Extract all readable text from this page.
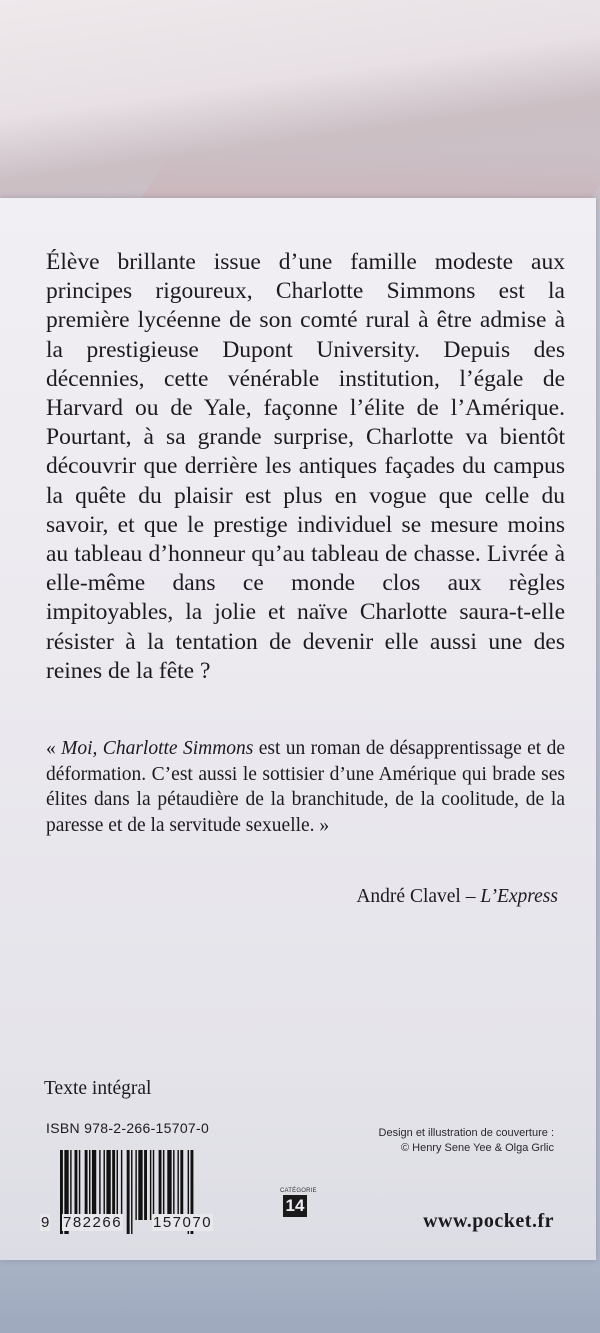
Élève brillante issue d’une famille modeste aux principes rigoureux, Charlotte Simmons est la première lycéenne de son comté rural à être admise à la prestigieuse Dupont University. Depuis des décennies, cette vénérable institution, l’égale de Harvard ou de Yale, façonne l’élite de l’Amérique. Pourtant, à sa grande surprise, Charlotte va bientôt découvrir que derrière les antiques façades du campus la quête du plaisir est plus en vogue que celle du savoir, et que le prestige individuel se mesure moins au tableau d’honneur qu’au tableau de chasse. Livrée à elle-même dans ce monde clos aux règles impitoyables, la jolie et naïve Charlotte saura-t-elle résister à la tentation de devenir elle aussi une des reines de la fête ?

« Moi, Charlotte Simmons est un roman de désapprentissage et de déformation. C’est aussi le sottisier d’une Amérique qui brade ses élites dans la pétaudière de la branchitude, de la coolitude, de la paresse et de la servitude sexuelle. »

André Clavel – L’Express
Texte intégral
ISBN 978-2-266-15707-0
9 782266 157070
CATÉGORIE
14
Design et illustration de couverture :
© Henry Sene Yee & Olga Grlic
www.pocket.fr
